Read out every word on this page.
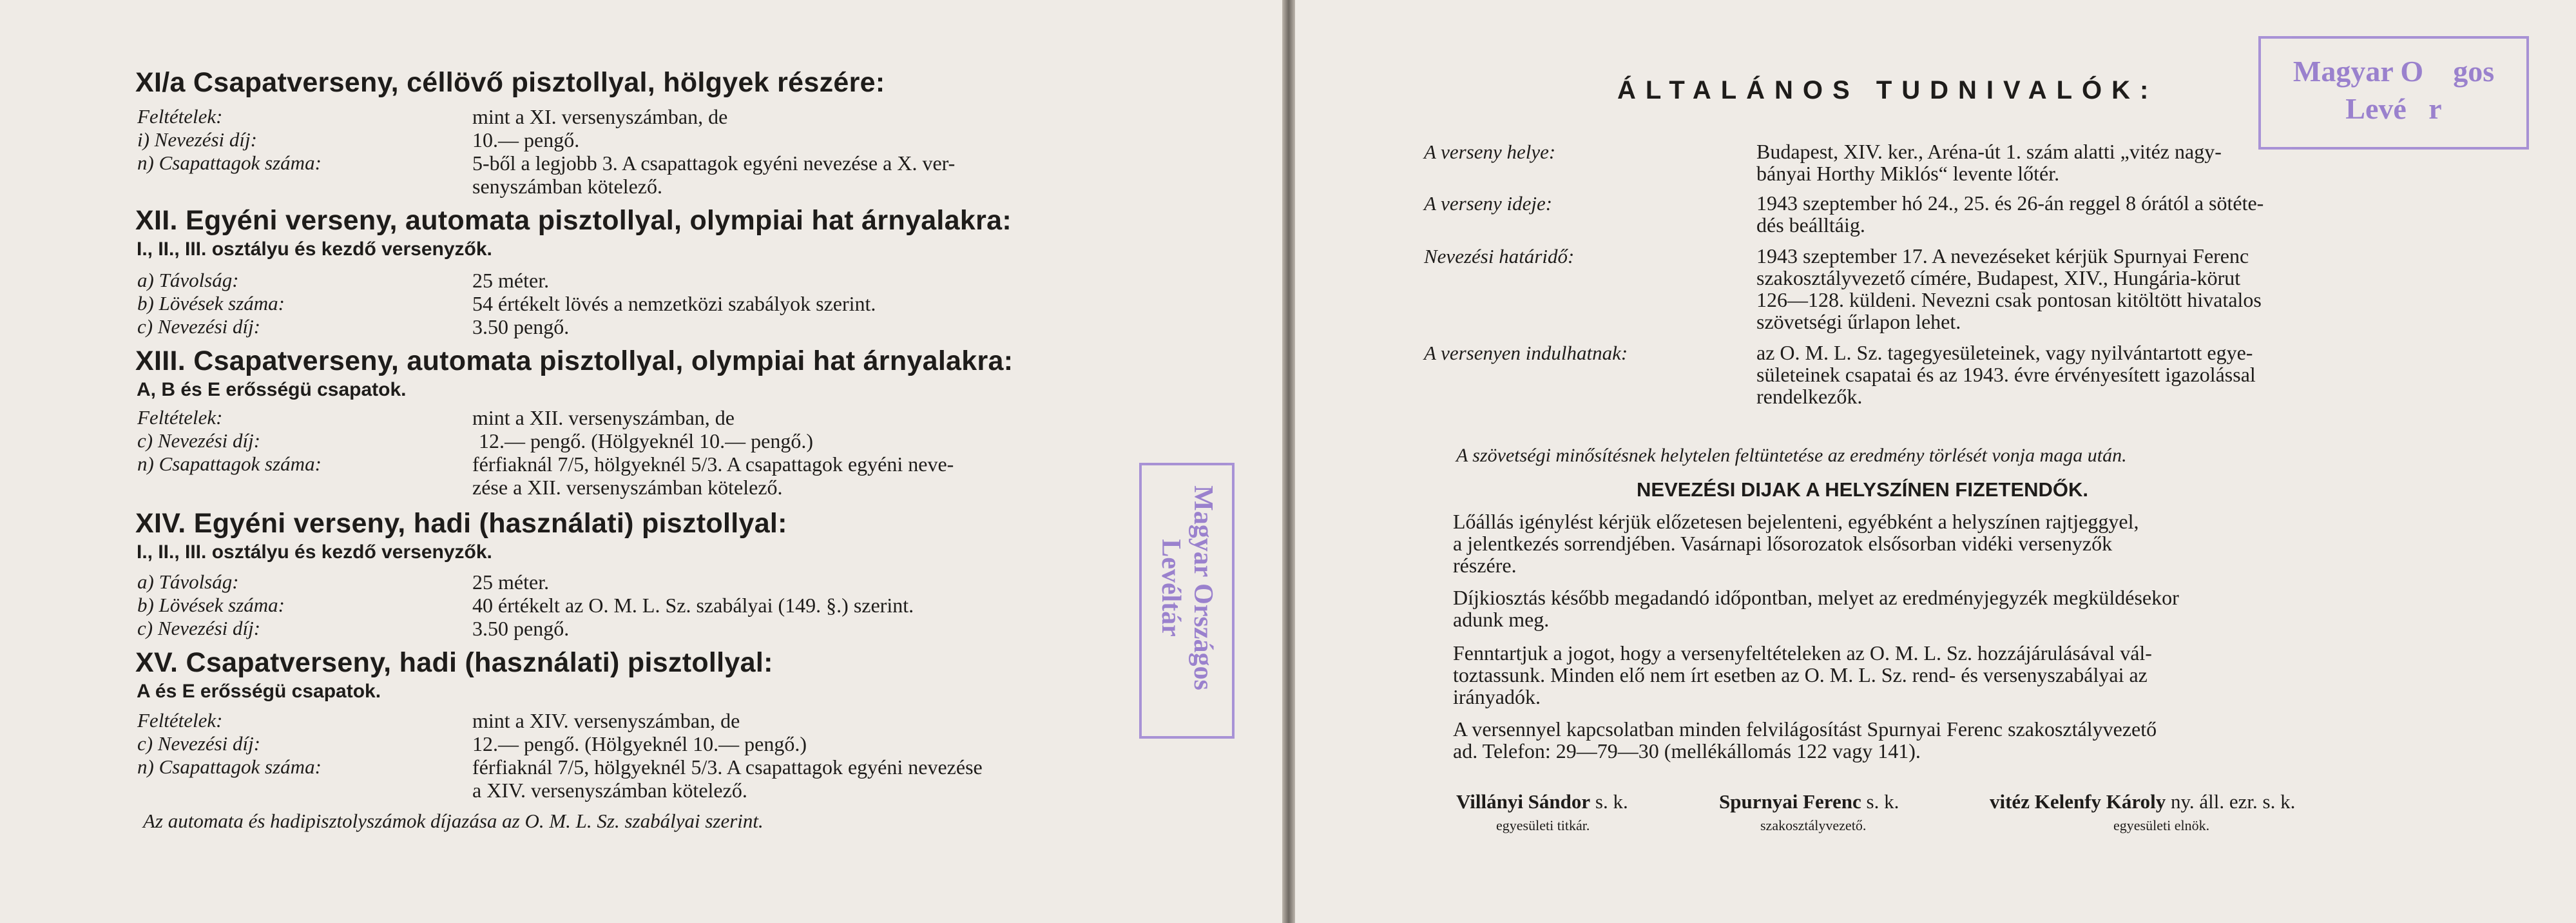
XI/a Csapatverseny, céllövő pisztollyal, hölgyek részére:
Feltételek:	mint a XI. versenyszámban, de
i) Nevezési díj:	10.— pengő.
n) Csapattagok száma:	5-ből a legjobb 3. A csapattagok egyéni nevezése a X. ver-
senyszámban kötelező.
XII. Egyéni verseny, automata pisztollyal, olympiai hat árnyalakra:
I., II., III. osztályu és kezdő versenyzők.
a) Távolság:	25 méter.
b) Lövések száma:	54 értékelt lövés a nemzetközi szabályok szerint.
c) Nevezési díj:	3.50 pengő.
XIII. Csapatverseny, automata pisztollyal, olympiai hat árnyalakra:
A, B és E erősségü csapatok.
Feltételek:	mint a XII. versenyszámban, de
c) Nevezési díj:	12.— pengő. (Hölgyeknél 10.— pengő.)
n) Csapattagok száma:	férfiaknál 7/5, hölgyeknél 5/3. A csapattagok egyéni neve-
zése a XII. versenyszámban kötelező.
XIV. Egyéni verseny, hadi (használati) pisztollyal:
I., II., III. osztályu és kezdő versenyzők.
a) Távolság:	25 méter.
b) Lövések száma:	40 értékelt az O. M. L. Sz. szabályai (149. §.) szerint.
c) Nevezési díj:	3.50 pengő.
XV. Csapatverseny, hadi (használati) pisztollyal:
A és E erősségü csapatok.
Feltételek:	mint a XIV. versenyszámban, de
c) Nevezési díj:	12.— pengő. (Hölgyeknél 10.— pengő.)
n) Csapattagok száma:	férfiaknál 7/5, hölgyeknél 5/3. A csapattagok egyéni nevezése
a XIV. versenyszámban kötelező.
Az automata és hadipisztolyszámok díjazása az O. M. L. Sz. szabályai szerint.
Magyar Országos
Levéltár
ÁLTALÁNOS TUDNIVALÓK:
Magyar O    gos
Levé   r
A verseny helye:	Budapest, XIV. ker., Aréna-út 1. szám alatti „vitéz nagy-
bányai Horthy Miklós“ levente lőtér.
A verseny ideje:	1943 szeptember hó 24., 25. és 26-án reggel 8 órától a sötéte-
dés beálltáig.
Nevezési határidő:	1943 szeptember 17. A nevezéseket kérjük Spurnyai Ferenc
szakosztályvezető címére, Budapest, XIV., Hungária-körut
126—128. küldeni. Nevezni csak pontosan kitöltött hivatalos
szövetségi űrlapon lehet.
A versenyen indulhatnak:	az O. M. L. Sz. tagegyesületeinek, vagy nyilvántartott egye-
sületeinek csapatai és az 1943. évre érvényesített igazolással
rendelkezők.
A szövetségi minősítésnek helytelen feltüntetése az eredmény törlését vonja maga után.
NEVEZÉSI DIJAK A HELYSZÍNEN FIZETENDŐK.
Lőállás igénylést kérjük előzetesen bejelenteni, egyébként a helyszínen rajtjeggyel,
a jelentkezés sorrendjében. Vasárnapi lősorozatok elsősorban vidéki versenyzők
részére.
Díjkiosztás később megadandó időpontban, melyet az eredményjegyzék megküldésekor
adunk meg.
Fenntartjuk a jogot, hogy a versenyfeltételeken az O. M. L. Sz. hozzájárulásával vál-
toztassunk. Minden elő nem írt esetben az O. M. L. Sz. rend- és versenyszabályai az
irányadók.
A versennyel kapcsolatban minden felvilágosítást Spurnyai Ferenc szakosztályvezető
ad. Telefon: 29—79—30 (mellékállomás 122 vagy 141).
Villányi Sándor s. k.
egyesületi titkár.
Spurnyai Ferenc s. k.
szakosztályvezető.
vitéz Kelenfy Károly ny. áll. ezr. s. k.
egyesületi elnök.
